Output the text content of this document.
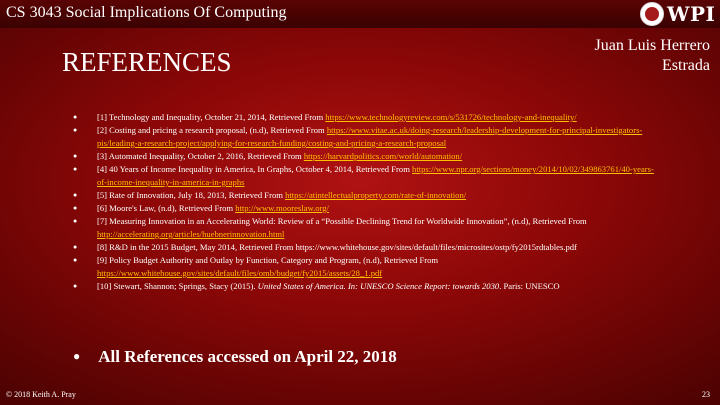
CS 3043 Social Implications Of Computing	WPI
REFERENCES
Juan Luis Herrero
Estrada
● [1] Technology and Inequality, October 21, 2014, Retrieved From https://www.technologyreview.com/s/531726/technology-and-inequality/
● [2] Costing and pricing a research proposal, (n.d), Retrieved From https://www.vitae.ac.uk/doing-research/leadership-development-for-principal-investigators-pis/leading-a-research-project/applying-for-research-funding/costing-and-pricing-a-research-proposal
● [3] Automated Inequality, October 2, 2016, Retrieved From https://harvardpolitics.com/world/automation/
● [4] 40 Years of Income Inequality in America, In Graphs, October 4, 2014, Retrieved From https://www.npr.org/sections/money/2014/10/02/349863761/40-years-of-income-inequality-in-america-in-graphs
● [5] Rate of Innovation, July 18, 2013, Retrieved From https://atintellectualproperty.com/rate-of-innovation/
● [6] Moore's Law, (n.d), Retrieved From http://www.mooreslaw.org/
● [7] Measuring Innovation in an Accelerating World: Review of a “Possible Declining Trend for Worldwide Innovation”, (n.d), Retrieved From http://accelerating.org/articles/huebnerinnovation.html
● [8] R&D in the 2015 Budget, May 2014, Retrieved From https://www.whitehouse.gov/sites/default/files/microsites/ostp/fy2015rdtables.pdf
● [9] Policy Budget Authority and Outlay by Function, Category and Program, (n.d), Retrieved From https://www.whitehouse.gov/sites/default/files/omb/budget/fy2015/assets/28_1.pdf
● [10] Stewart, Shannon; Springs, Stacy (2015). United States of America. In: UNESCO Science Report: towards 2030. Paris: UNESCO
● All References accessed on April 22, 2018
© 2018 Keith A. Pray	23
